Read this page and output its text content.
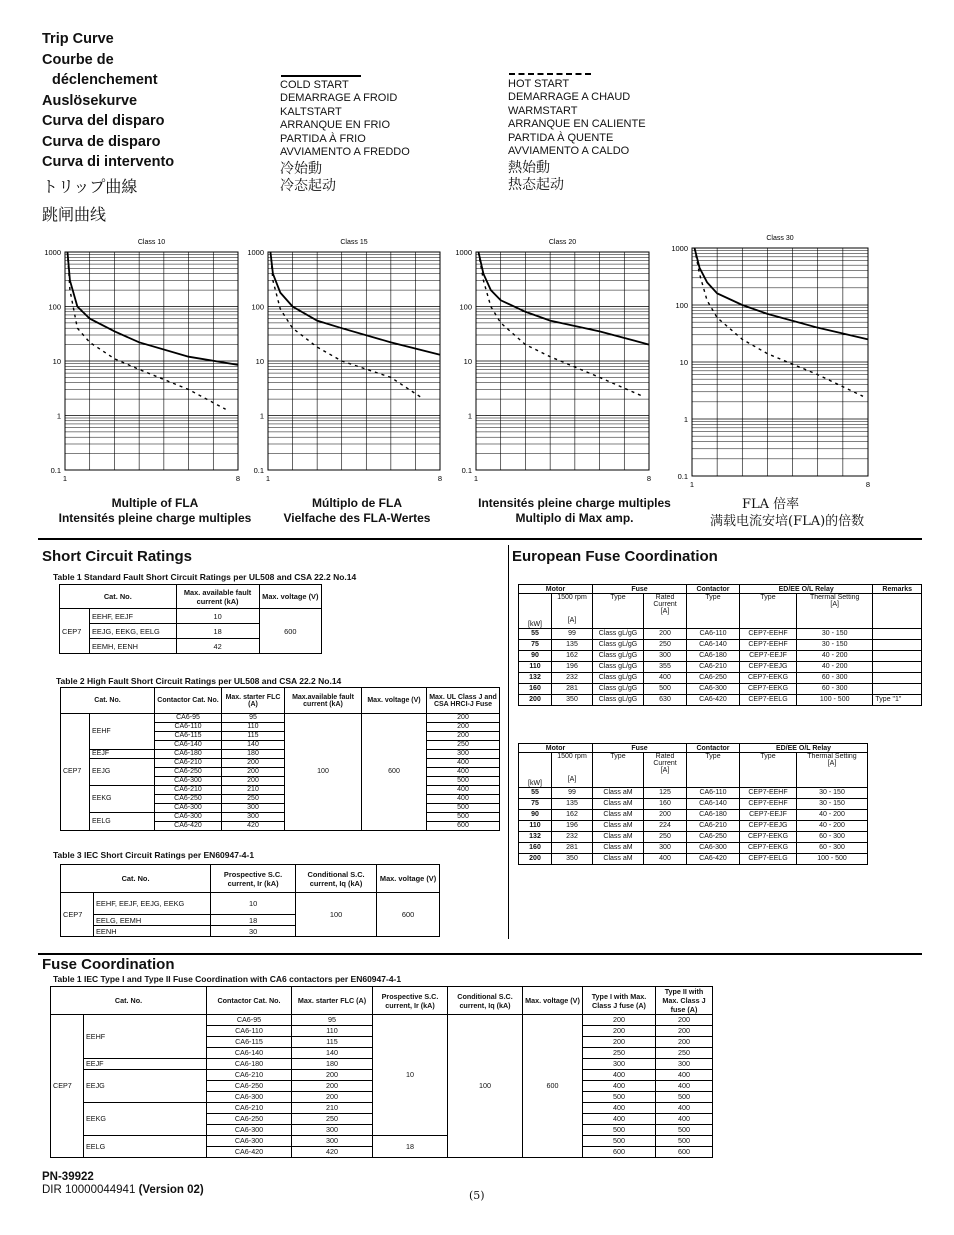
Trip Curve
Courbe de
déclenchement
Auslösekurve
Curva del disparo
Curva de disparo
Curva di intervento
トリップ曲線
跳闸曲线
COLD START
DEMARRAGE A FROID
KALTSTART
ARRANQUE EN FRIO
PARTIDA À FRIO
AVVIAMENTO A FREDDO
冷始動
冷态起动
HOT START
DEMARRAGE A CHAUD
WARMSTART
ARRANQUE EN CALIENTE
PARTIDA À QUENTE
AVVIAMENTO A CALDO
熱始動
热态起动
Class 10
0.1
1
10
100
1000
1	8
Class 15
0.1
1
10
100
1000
1	8
Class 20
0.1
1
10
100
1000
1	8
Class 30
0.1
1
10
100
1000
1	8
Multiple of FLA
Intensités pleine charge multiples
Múltiplo de FLA
Vielfache des FLA-Wertes
Intensités pleine charge multiples
Multiplo di Max amp.
FLA 倍率
满载电流安培(FLA)的倍数
Short Circuit Ratings
Table 1 Standard Fault Short Circuit Ratings per UL508 and CSA 22.2 No.14
Cat. No.		Max. available fault current (kA)	Max. voltage (V)
CEP7	EEHF, EEJF	10	600
	EEJG, EEKG, EELG	18	
	EEMH, EENH	42	
Table 2 High Fault Short Circuit Ratings per UL508 and CSA 22.2 No.14
Cat. No.		Contactor Cat. No.	Max. starter FLC (A)	Max.available fault current (kA)	Max. voltage (V)	Max. UL Class J and CSA HRCI-J Fuse
CEP7	EEHF	CA6-95	95	100	600	200
		CA6-110	110			200
		CA6-115	115			200
		CA6-140	140			250
	EEJF	CA6-180	180			300
	EEJG	CA6-210	200			400
		CA6-250	200			400
		CA6-300	200			500
	EEKG	CA6-210	210			400
		CA6-250	250			400
		CA6-300	300			500
	EELG	CA6-300	300			500
		CA6-420	420			600
Table 3 IEC Short Circuit Ratings per EN60947-4-1
Cat. No.		Prospective S.C. current, Ir (kA)	Conditional S.C. current, Iq (kA)	Max. voltage (V)
CEP7	EEHF, EEJF, EEJG, EEKG	10	100	600
	EELG, EEMH	18		
	EENH	30		
European Fuse Coordination
Motor		Fuse		Contactor	ED/EE O/L Relay		Remarks
[kW]	1500 rpm
[A]	Type	Rated Current
[A]	Type	Type	Thermal Setting
[A]	

55	99	Class gL/gG	200	CA6-110	CEP7-EEHF	30 - 150	
75	135	Class gL/gG	250	CA6-140	CEP7-EEHF	30 - 150	
90	162	Class gL/gG	300	CA6-180	CEP7-EEJF	40 - 200	
110	196	Class gL/gG	355	CA6-210	CEP7-EEJG	40 - 200	
132	232	Class gL/gG	400	CA6-250	CEP7-EEKG	60 - 300	
160	281	Class gL/gG	500	CA6-300	CEP7-EEKG	60 - 300	
200	350	Class gL/gG	630	CA6-420	CEP7-EELG	100 - 500	Type "1"
Motor		Fuse		Contactor	ED/EE O/L Relay	
[kW]	1500 rpm
[A]	Type	Rated Current
[A]	Type	Type	Thermal Setting
[A]

55	99	Class aM	125	CA6-110	CEP7-EEHF	30 - 150
75	135	Class aM	160	CA6-140	CEP7-EEHF	30 - 150
90	162	Class aM	200	CA6-180	CEP7-EEJF	40 - 200
110	196	Class aM	224	CA6-210	CEP7-EEJG	40 - 200
132	232	Class aM	250	CA6-250	CEP7-EEKG	60 - 300
160	281	Class aM	300	CA6-300	CEP7-EEKG	60 - 300
200	350	Class aM	400	CA6-420	CEP7-EELG	100 - 500
Fuse Coordination
Table 1 IEC Type I and Type II Fuse Coordination with CA6 contactors per EN60947-4-1
Cat. No.		Contactor Cat. No.	Max. starter FLC (A)	Prospective S.C. current, Ir (kA)	Conditional S.C. current, Iq (kA)	Max. voltage (V)	Type I with Max. Class J fuse (A)	Type II with Max. Class J fuse (A)
CEP7	EEHF	CA6-95	95	10	100	600	200	200
		CA6-110	110				200	200
		CA6-115	115				200	200
		CA6-140	140				250	250
	EEJF	CA6-180	180				300	300
	EEJG	CA6-210	200				400	400
		CA6-250	200				400	400
		CA6-300	200				500	500
	EEKG	CA6-210	210				400	400
		CA6-250	250				400	400
		CA6-300	300				500	500
	EELG	CA6-300	300	18			500	500
		CA6-420	420				600	600
PN-39922
DIR 10000044941 (Version 02)	(5)
